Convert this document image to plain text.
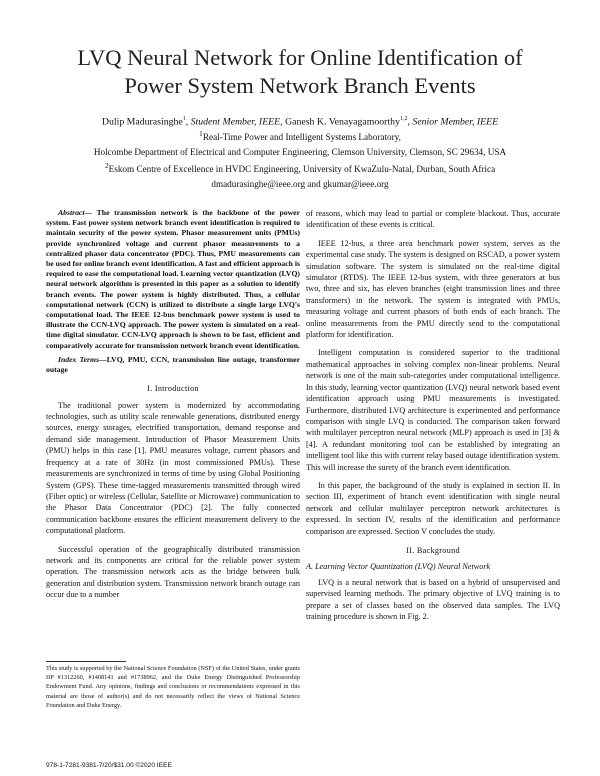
LVQ Neural Network for Online Identification of
Power System Network Branch Events
Dulip Madurasinghe$^1$, Student Member, IEEE, Ganesh K. Venayagamoorthy$^{1,2}$, Senior Member, IEEE
$^1$Real-Time Power and Intelligent Systems Laboratory,
Holcombe Department of Electrical and Computer Engineering, Clemson University, Clemson, SC 29634, USA
$^2$Eskom Centre of Excellence in HVDC Engineering, University of KwaZulu-Natal, Durban, South Africa
dmadurasinghe@ieee.org and gkumar@ieee.org

Abstract— The transmission network is the backbone of the power system. Fast power system network branch event identification is required to maintain security of the power system. Phasor measurement units (PMUs) provide synchronized voltage and current phasor measurements to a centralized phasor data concentrator (PDC). Thus, PMU measurements can be used for online branch event identification. A fast and efficient approach is required to ease the computational load. Learning vector quantization (LVQ) neural network algorithm is presented in this paper as a solution to identify branch events. The power system is highly distributed. Thus, a cellular computational network (CCN) is utilized to distribute a single large LVQ's computational load. The IEEE 12-bus benchmark power system is used to illustrate the CCN-LVQ approach. The power system is simulated on a real-time digital simulator. CCN-LVQ approach is shown to be fast, efficient and comparatively accurate for transmission network branch event identification.

Index Terms—LVQ, PMU, CCN, transmission line outage, transformer outage

I. Introduction

The traditional power system is modernized by accommodating technologies, such as utility scale renewable generations, distributed energy sources, energy storages, electrified transportation, demand response and demand side management. Introduction of Phasor Measurement Units (PMU) helps in this case [1]. PMU measures voltage, current phasors and frequency at a rate of 30Hz (in most commissioned PMUs). These measurements are synchronized in terms of time by using Global Positioning System (GPS). These time-tagged measurements transmitted through wired (Fiber optic) or wireless (Cellular, Satellite or Microwave) communication to the Phasor Data Concentrator (PDC) [2]. The fully connected communication backbone ensures the efficient measurement delivery to the computational platform.

Successful operation of the geographically distributed transmission network and its components are critical for the reliable power system operation. The transmission network acts as the bridge between bulk generation and distribution system. Transmission network branch outage can occur due to a number

of reasons, which may lead to partial or complete blackout. Thus, accurate identification of these events is critical.

IEEE 12-bus, a three area benchmark power system, serves as the experimental case study. The system is designed on RSCAD, a power system simulation software. The system is simulated on the real-time digital simulator (RTDS). The IEEE 12-bus system, with three generators at bus two, three and six, has eleven branches (eight transmission lines and three transformers) in the network. The system is integrated with PMUs, measuring voltage and current phasors of both ends of each branch. The online measurements from the PMU directly send to the computational platform for identification.

Intelligent computation is considered superior to the traditional mathematical approaches in solving complex non-linear problems. Neural network is one of the main sub-categories under computational intelligence. In this study, learning vector quantization (LVQ) neural network based event identification approach using PMU measurements is investigated. Furthermore, distributed LVQ architecture is experimented and performance comparison with single LVQ is conducted. The comparison taken forward with multilayer perceptron neural network (MLP) approach is used in [3] & [4]. A redundant monitoring tool can be established by integrating an intelligent tool like this with current relay based outage identification system. This will increase the surety of the branch event identification.

In this paper, the background of the study is explained in section II. In section III, experiment of branch event identification with single neural network and cellular multilayer perceptron network architectures is expressed. In section IV, results of the identification and performance comparison are expressed. Section V concludes the study.

II. Background

A. Learning Vector Quantization (LVQ) Neural Network

LVQ is a neural network that is based on a hybrid of unsupervised and supervised learning methods. The primary objective of LVQ training is to prepare a set of classes based on the observed data samples. The LVQ training procedure is shown in Fig. 2.

This study is supported by the National Science Foundation (NSF) of the United States, under grants IIP #1312260, #1408141 and #1738962, and the Duke Energy Distinguished Professorship Endowment Fund. Any opinions, findings and conclusions or recommendations expressed in this material are those of author(s) and do not necessarily reflect the views of National Science Foundation and Duke Energy.
978-1-7281-9381-7/20/$31.00 ©2020 IEEE
